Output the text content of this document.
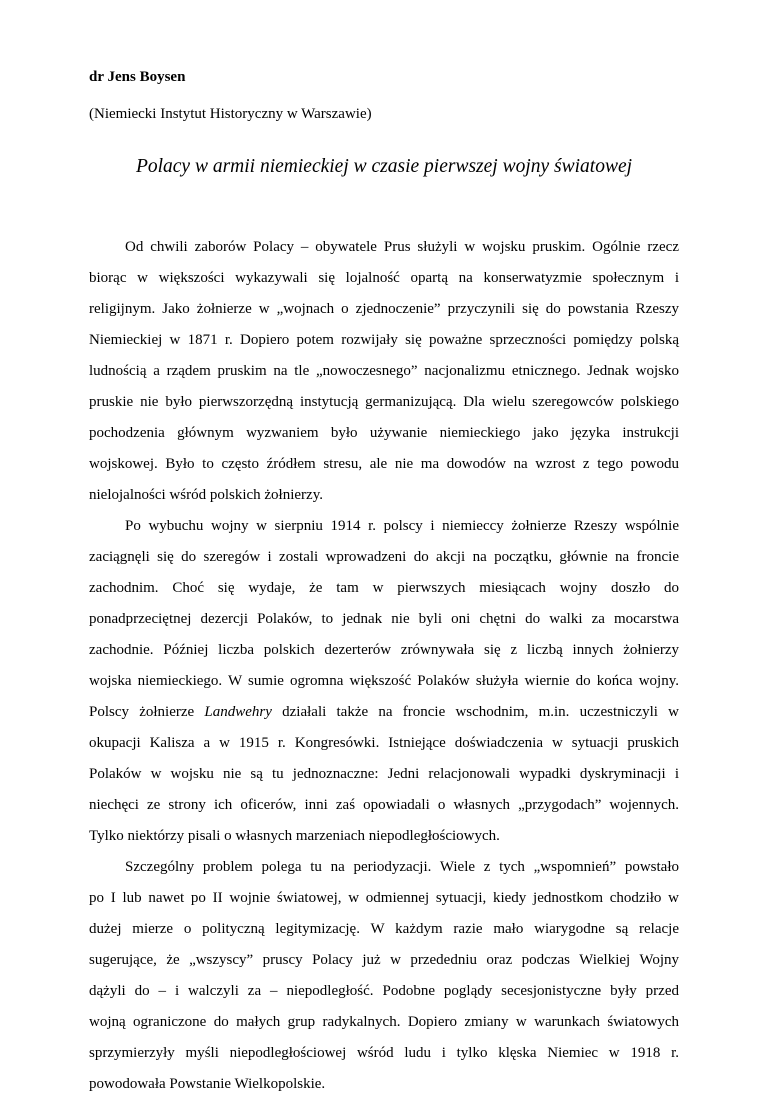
dr Jens Boysen
(Niemiecki Instytut Historyczny w Warszawie)
Polacy w armii niemieckiej w czasie pierwszej wojny światowej
Od chwili zaborów Polacy – obywatele Prus służyli w wojsku pruskim. Ogólnie rzecz
biorąc w większości wykazywali się lojalność opartą na konserwatyzmie społecznym i
religijnym. Jako żołnierze w „wojnach o zjednoczenie” przyczynili się do powstania Rzeszy
Niemieckiej w 1871 r. Dopiero potem rozwijały się poważne sprzeczności pomiędzy polską
ludnością a rządem pruskim na tle „nowoczesnego” nacjonalizmu etnicznego. Jednak wojsko
pruskie nie było pierwszorzędną instytucją germanizującą. Dla wielu szeregowców polskiego
pochodzenia głównym wyzwaniem było używanie niemieckiego jako języka instrukcji
wojskowej. Było to często źródłem stresu, ale nie ma dowodów na wzrost z tego powodu
nielojalności wśród polskich żołnierzy.
Po wybuchu wojny w sierpniu 1914 r. polscy i niemieccy żołnierze Rzeszy wspólnie
zaciągnęli się do szeregów i zostali wprowadzeni do akcji na początku, głównie na froncie
zachodnim. Choć się wydaje, że tam w pierwszych miesiącach wojny doszło do
ponadprzeciętnej dezercji Polaków, to jednak nie byli oni chętni do walki za mocarstwa
zachodnie. Później liczba polskich dezerterów zrównywała się z liczbą innych żołnierzy
wojska niemieckiego. W sumie ogromna większość Polaków służyła wiernie do końca wojny.
Polscy żołnierze Landwehry działali także na froncie wschodnim, m.in. uczestniczyli w
okupacji Kalisza a w 1915 r. Kongresówki. Istniejące doświadczenia w sytuacji pruskich
Polaków w wojsku nie są tu jednoznaczne: Jedni relacjonowali wypadki dyskryminacji i
niechęci ze strony ich oficerów, inni zaś opowiadali o własnych „przygodach” wojennych.
Tylko niektórzy pisali o własnych marzeniach niepodległościowych.
Szczególny problem polega tu na periodyzacji. Wiele z tych „wspomnień” powstało
po I lub nawet po II wojnie światowej, w odmiennej sytuacji, kiedy jednostkom chodziło w
dużej mierze o polityczną legitymizację. W każdym razie mało wiarygodne są relacje
sugerujące, że „wszyscy” pruscy Polacy już w przededniu oraz podczas Wielkiej Wojny
dążyli do – i walczyli za – niepodległość. Podobne poglądy secesjonistyczne były przed
wojną ograniczone do małych grup radykalnych. Dopiero zmiany w warunkach światowych
sprzymierzyły myśli niepodległościowej wśród ludu i tylko klęska Niemiec w 1918 r.
powodowała Powstanie Wielkopolskie.
